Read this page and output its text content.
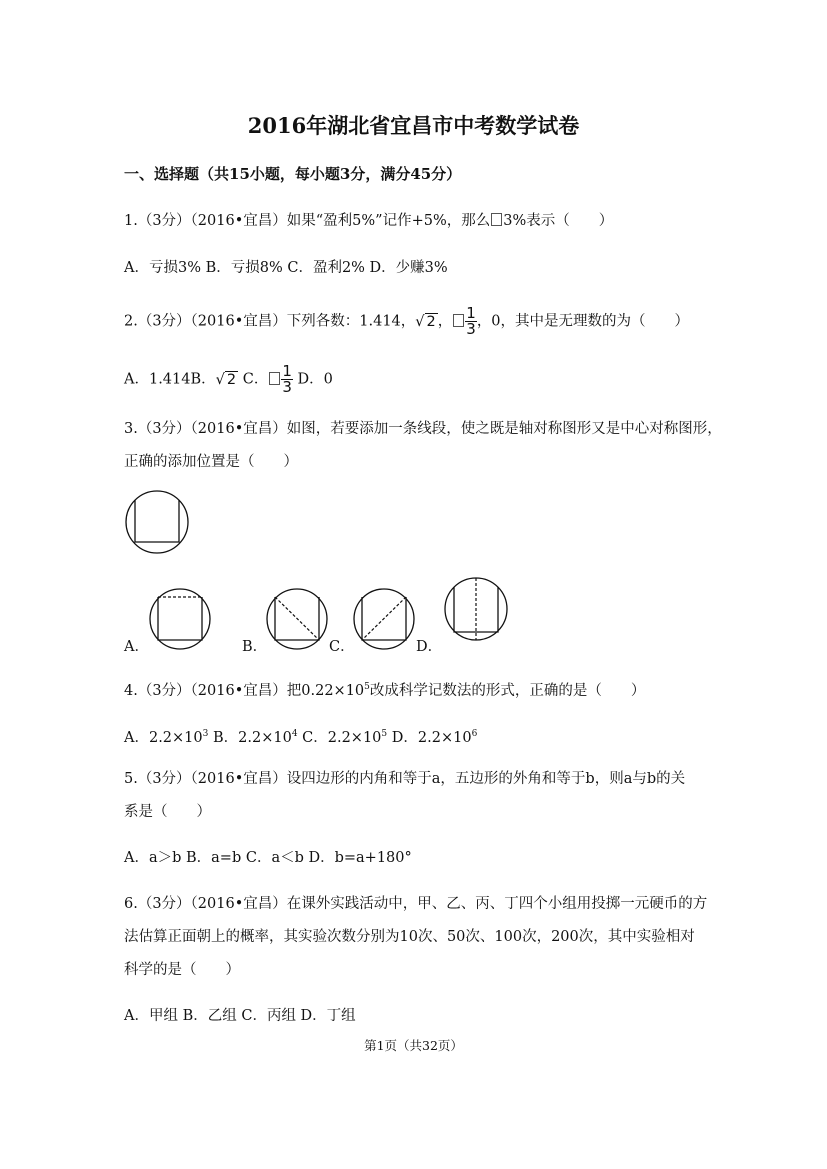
2016年湖北省宜昌市中考数学试卷
一、选择题（共15小题，每小题3分，满分45分）
1.（3分）（2016•宜昌）如果“盈利5%”记作+5%，那么 3%表示（　　）
A．亏损3% B．亏损8% C．盈利2% D．少赚3%
2.（3分）（2016•宜昌）下列各数：1.414，√ 2 ， $\frac{1}{3}$ ，0，其中是无理数的为（　　）
A．1.414B．√ 2 C． $\frac{1}{3}$ D．0
3.（3分）（2016•宜昌）如图，若要添加一条线段，使之既是轴对称图形又是中心对称图形，
正确的添加位置是（　　）
A．	B．	C．	D．
4.（3分）（2016•宜昌）把$0.22\times 10^5$改成科学记数法的形式，正确的是（　　）
A．$2.2\times 10^3$ B．$2.2\times 10^4$ C．$2.2\times 10^5$ D．$2.2\times 10^6$
5.（3分）（2016•宜昌）设四边形的内角和等于a，五边形的外角和等于b，则a与b的关
系是（　　）
A．a＞b B．a=b C．a＜b D．b=a+180°
6.（3分）（2016•宜昌）在课外实践活动中，甲、乙、丙、丁四个小组用投掷一元硬币的方
法估算正面朝上的概率，其实验次数分别为10次、50次、100次，200次，其中实验相对
科学的是（　　）
A．甲组 B．乙组 C．丙组 D．丁组
第1页（共32页）
